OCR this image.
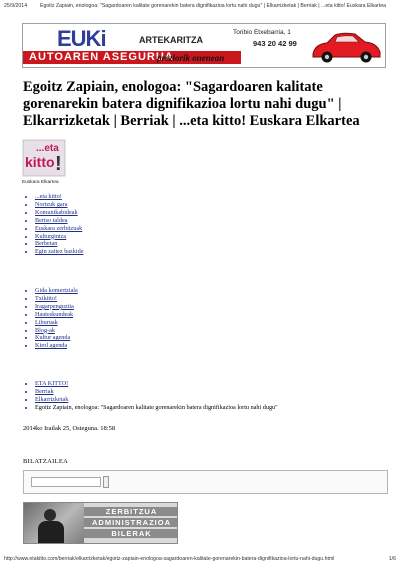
25/9/2014 Egoitz Zapiain, enologoa: "Sagardoaren kalitate gorenarekin batera dignifikazioa lortu nahi dugu" | Elkarrizketak | Berriak | ...eta kitto! Euskara Elkartea
EUKi	ARTEKARITZA
AUTOAREN ASEGURUA
preziorik onenean
Toribio Etxebarria, 1
943 20 42 99
Egoitz Zapiain, enologoa: "Sagardoaren kalitate gorenarekin batera dignifikazioa lortu nahi dugu" | Elkarrizketak | Berriak | ...eta kitto! Euskara Elkartea
...eta
kitto !
Euskara Elkartea
• ...eta kitto!
• Nortzuk gara
• Komunikabideak
• Bertso taldea
• Euskara zerbitzuak
• Kulturgintza
• Berbetan
• Egin zaitez bazkide
• Gida komertziala
• Txikitto!
• Iragarpenguztia
• Hauteskundeak
• Liburuak
• Blog-ak
• Kultur agenda
• Kirol agenda
• ETA KITTO!
• Berriak
• Elkarrizketak
• Egoitz Zapiain, enologoa: "Sagardoaren kalitate gorenarekin batera dignifikazioa lortu nahi dugu"
2014ko Irailak 25, Osteguna. 18:58
BILATZAILEA
ZERBITZUA
ADMINISTRAZIOA
BILERAK
http://www.etakitto.com/berriak/elkarrizketak/egoitz-zapiain-enologoa-sagardoaren-kalitate-gorenarekin-batera-dignifikazioa-lortu-nahi-dugu.html	1/6
